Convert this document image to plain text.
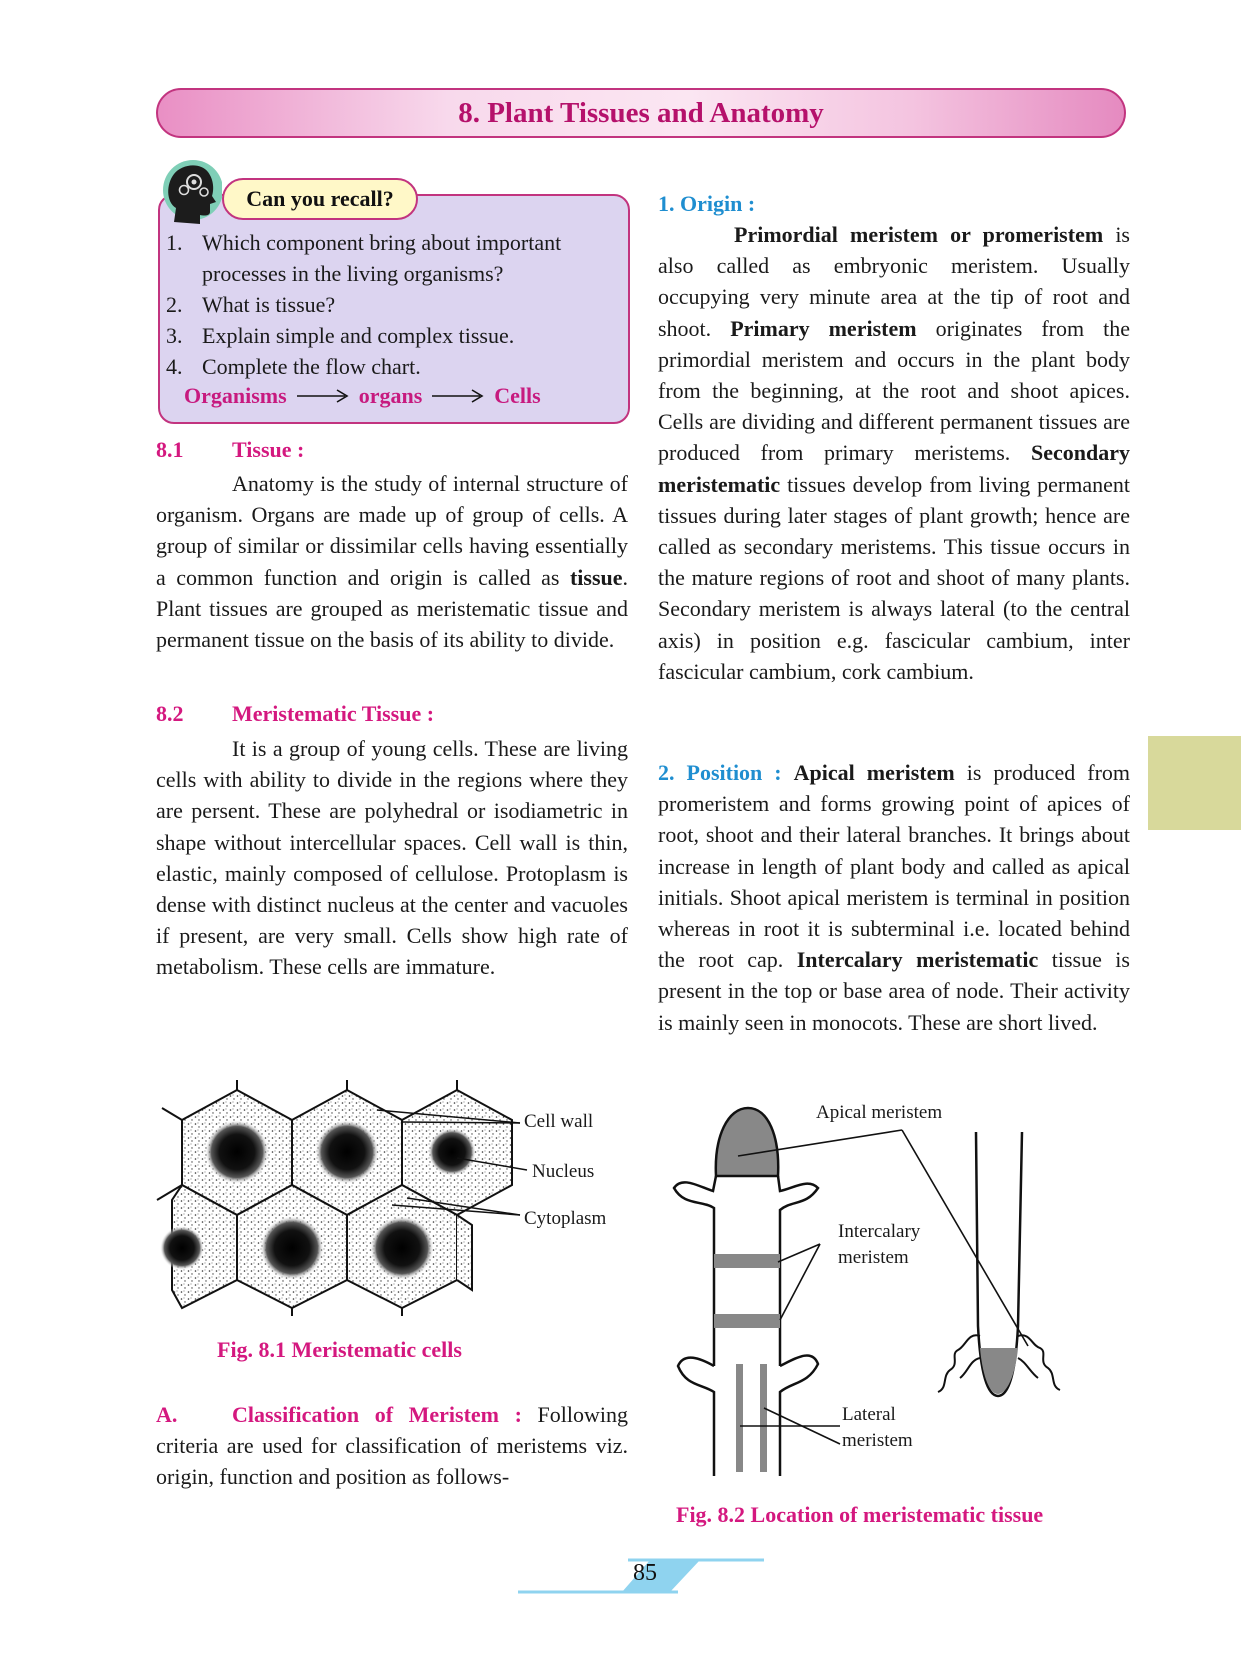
8. Plant Tissues and Anatomy
Can you recall?
1. Which component bring about important processes in the living organisms?
2. What is tissue?
3. Explain simple and complex tissue.
4. Complete the flow chart.
Organisms	organs	Cells
8.1 Tissue :
Anatomy is the study of internal structure of organism. Organs are made up of group of cells. A group of similar or dissimilar cells having essentially a common function and origin is called as tissue. Plant tissues are grouped as meristematic tissue and permanent tissue on the basis of its ability to divide.
8.2 Meristematic Tissue :
It is a group of young cells. These are living cells with ability to divide in the regions where they are persent. These are polyhedral or isodiametric in shape without intercellular spaces. Cell wall is thin, elastic, mainly composed of cellulose. Protoplasm is dense with distinct nucleus at the center and vacuoles if present, are very small. Cells show high rate of metabolism. These cells are immature.
Cell wall
Nucleus
Cytoplasm
Fig. 8.1 Meristematic cells
A. Classification of Meristem : Following criteria are used for classification of meristems viz. origin, function and position as follows-
1. Origin :
Primordial meristem or promeristem is also called as embryonic meristem. Usually occupying very minute area at the tip of root and shoot. Primary meristem originates from the primordial meristem and occurs in the plant body from the beginning, at the root and shoot apices. Cells are dividing and different permanent tissues are produced from primary meristems. Secondary meristematic tissues develop from living permanent tissues during later stages of plant growth; hence are called as secondary meristems. This tissue occurs in the mature regions of root and shoot of many plants. Secondary meristem is always lateral (to the central axis) in position e.g. fascicular cambium, inter fascicular cambium, cork cambium.
2. Position : Apical meristem is produced from promeristem and forms growing point of apices of root, shoot and their lateral branches. It brings about increase in length of plant body and called as apical initials. Shoot apical meristem is terminal in position whereas in root it is subterminal i.e. located behind the root cap. Intercalary meristematic tissue is present in the top or base area of node. Their activity is mainly seen in monocots. These are short lived.
Apical meristem
Intercalary
meristem
Lateral
meristem
Fig. 8.2 Location of meristematic tissue
85
